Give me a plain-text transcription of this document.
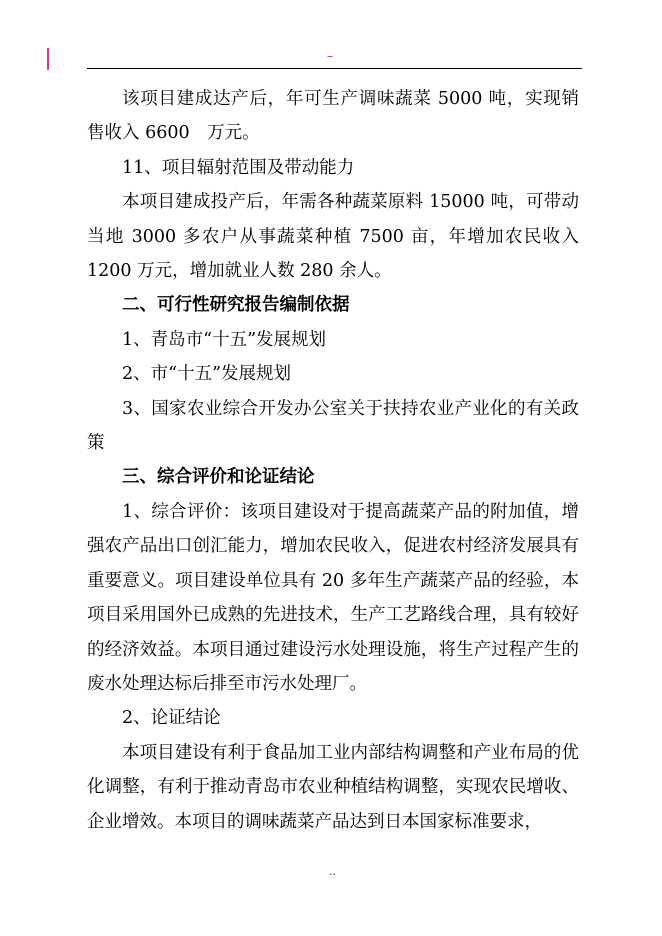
–

该项目建成达产后，年可生产调味蔬菜 5000 吨，实现销售收入 6600　万元。

11、项目辐射范围及带动能力

本项目建成投产后，年需各种蔬菜原料 15000 吨，可带动当地 3000 多农户从事蔬菜种植 7500 亩，年增加农民收入 1200 万元，增加就业人数 280 余人。

二、可行性研究报告编制依据

1、青岛市“十五”发展规划

2、市“十五”发展规划

3、国家农业综合开发办公室关于扶持农业产业化的有关政策

三、综合评价和论证结论

1、综合评价：该项目建设对于提高蔬菜产品的附加值，增强农产品出口创汇能力，增加农民收入，促进农村经济发展具有重要意义。项目建设单位具有 20 多年生产蔬菜产品的经验，本项目采用国外已成熟的先进技术，生产工艺路线合理，具有较好的经济效益。本项目通过建设污水处理设施，将生产过程产生的废水处理达标后排至市污水处理厂。

2、论证结论

本项目建设有利于食品加工业内部结构调整和产业布局的优化调整，有利于推动青岛市农业种植结构调整，实现农民增收、企业增效。本项目的调味蔬菜产品达到日本国家标准要求，

..
